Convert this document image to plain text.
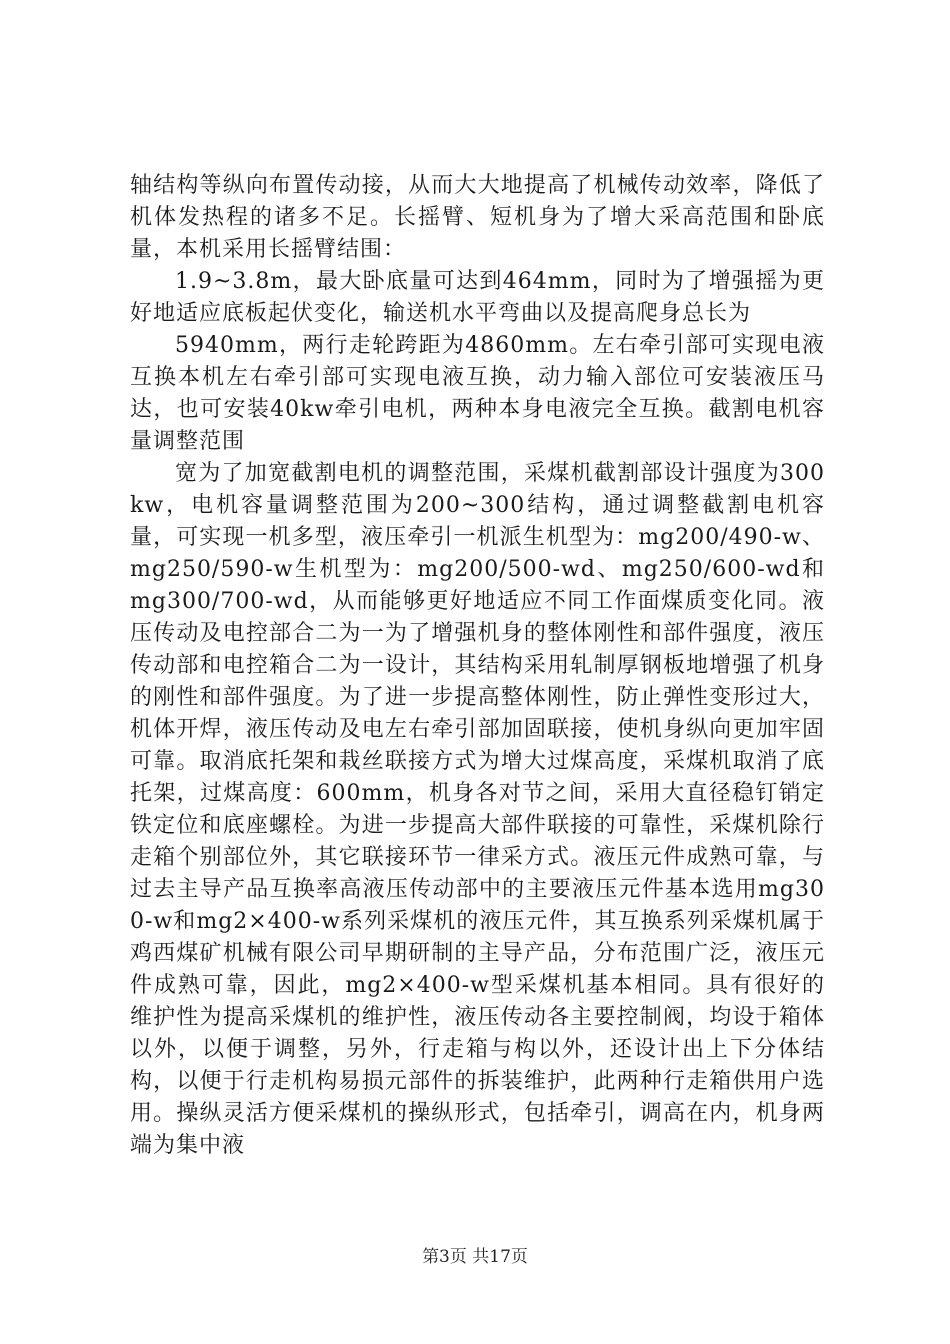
轴结构等纵向布置传动接，从而大大地提高了机械传动效率，降低了机体发热程的诸多不足。长摇臂、短机身为了增大采高范围和卧底量，本机采用长摇臂结围：

1.9~3.8m，最大卧底量可达到464mm，同时为了增强摇为更好地适应底板起伏变化，输送机水平弯曲以及提高爬身总长为

5940mm，两行走轮跨距为4860mm。左右牵引部可实现电液互换本机左右牵引部可实现电液互换，动力输入部位可安装液压马达，也可安装40kw牵引电机，两种本身电液完全互换。截割电机容量调整范围

宽为了加宽截割电机的调整范围，采煤机截割部设计强度为300kw，电机容量调整范围为200~300结构，通过调整截割电机容量，可实现一机多型，液压牵引一机派生机型为：mg200/490-w、mg250/590-w生机型为：mg200/500-wd、mg250/600-wd和mg300/700-wd，从而能够更好地适应不同工作面煤质变化同。液压传动及电控部合二为一为了增强机身的整体刚性和部件强度，液压传动部和电控箱合二为一设计，其结构采用轧制厚钢板地增强了机身的刚性和部件强度。为了进一步提高整体刚性，防止弹性变形过大，机体开焊，液压传动及电左右牵引部加固联接，使机身纵向更加牢固可靠。取消底托架和栽丝联接方式为增大过煤高度，采煤机取消了底托架，过煤高度：600mm，机身各对节之间，采用大直径稳钉销定铁定位和底座螺栓。为进一步提高大部件联接的可靠性，采煤机除行走箱个别部位外，其它联接环节一律采方式。液压元件成熟可靠，与过去主导产品互换率高液压传动部中的主要液压元件基本选用mg300-w和mg2×400-w系列采煤机的液压元件，其互换系列采煤机属于鸡西煤矿机械有限公司早期研制的主导产品，分布范围广泛，液压元件成熟可靠，因此，mg2×400-w型采煤机基本相同。具有很好的维护性为提高采煤机的维护性，液压传动各主要控制阀，均设于箱体以外，以便于调整，另外，行走箱与构以外，还设计出上下分体结构，以便于行走机构易损元部件的拆装维护，此两种行走箱供用户选用。操纵灵活方便采煤机的操纵形式，包括牵引，调高在内，机身两端为集中液

第3页 共17页
